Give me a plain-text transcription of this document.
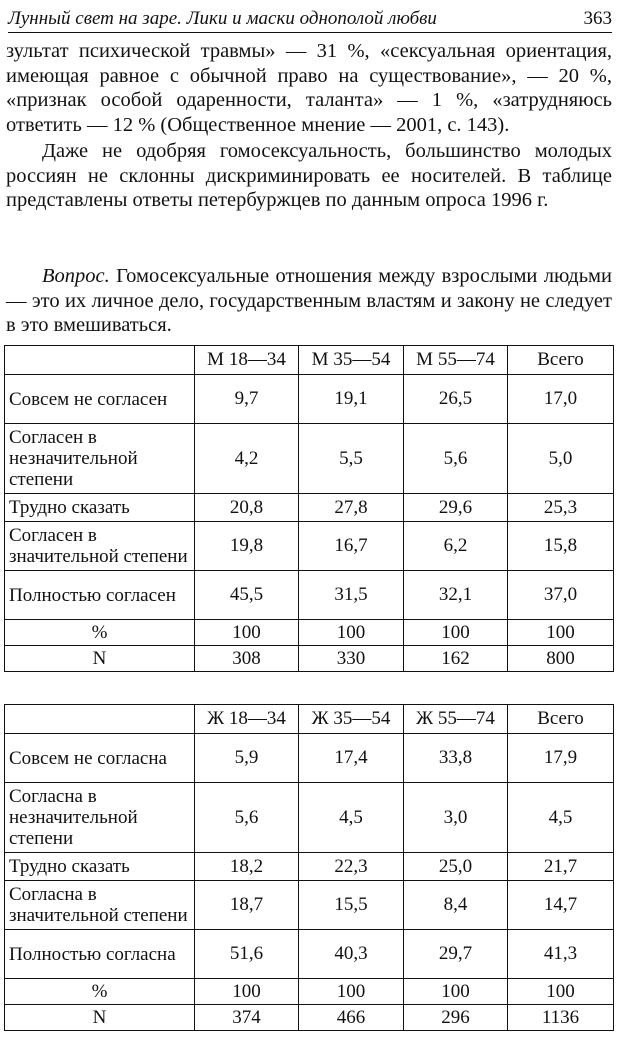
Лунный свет на заре. Лики и маски однополой любви	363

зультат психической травмы» — 31 %, «сексуальная ориентация, имеющая равное с обычной право на существование», — 20 %, «признак особой одаренности, таланта» — 1 %, «затрудняюсь ответить — 12 % (Общественное мнение — 2001, с. 143).

Даже не одобряя гомосексуальность, большинство молодых россиян не склонны дискриминировать ее носителей. В таблице представлены ответы петербуржцев по данным опроса 1996 г.

Вопрос. Гомосексуальные отношения между взрослыми людьми — это их личное дело, государственным властям и закону не следует в это вмешиваться.

	М 18—34	М 35—54	М 55—74	Всего
Совсем не согласен	9,7	19,1	26,5	17,0
Согласен в незначительной степени	4,2	5,5	5,6	5,0
Трудно сказать	20,8	27,8	29,6	25,3
Согласен в значительной степени	19,8	16,7	6,2	15,8
Полностью согласен	45,5	31,5	32,1	37,0
%	100	100	100	100
N	308	330	162	800
	Ж 18—34	Ж 35—54	Ж 55—74	Всего
Совсем не согласна	5,9	17,4	33,8	17,9
Согласна в незначительной степени	5,6	4,5	3,0	4,5
Трудно сказать	18,2	22,3	25,0	21,7
Согласна в значительной степени	18,7	15,5	8,4	14,7
Полностью согласна	51,6	40,3	29,7	41,3
%	100	100	100	100
N	374	466	296	1136
